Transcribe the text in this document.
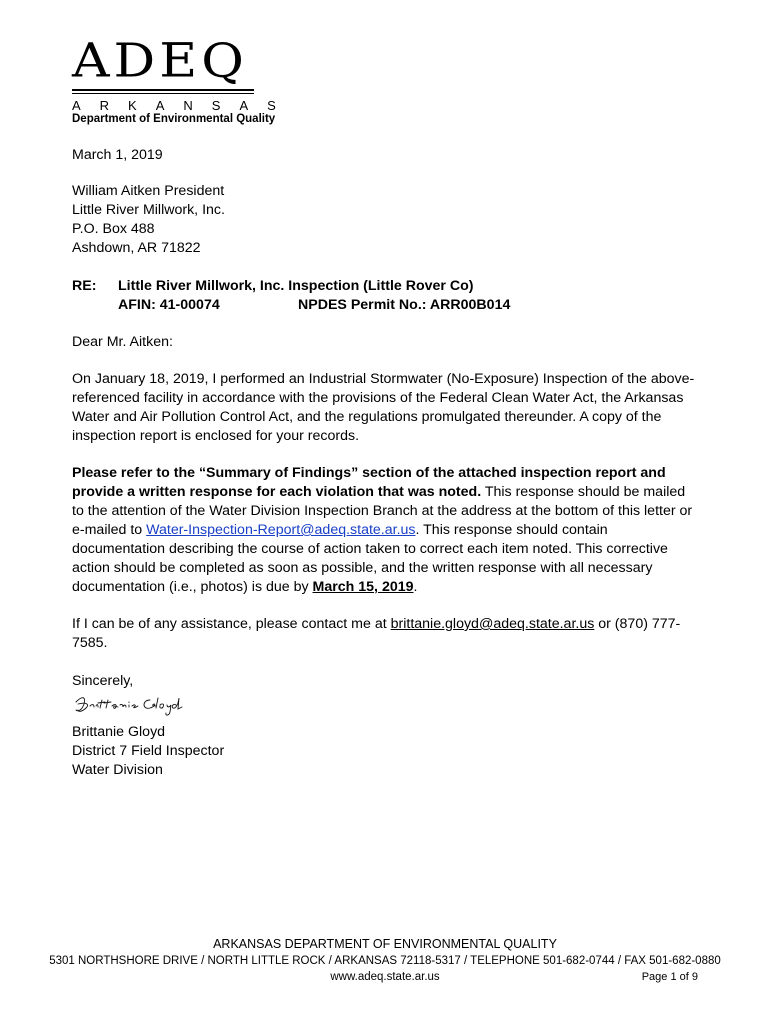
ADEQ
ARKANSAS
Department of Environmental Quality
March 1, 2019
William Aitken President
Little River Millwork, Inc.
P.O. Box 488
Ashdown, AR 71822
RE: Little River Millwork, Inc. Inspection (Little Rover Co)
AFIN: 41-00074	NPDES Permit No.: ARR00B014
Dear Mr. Aitken:

On January 18, 2019, I performed an Industrial Stormwater (No-Exposure) Inspection of the above-referenced facility in accordance with the provisions of the Federal Clean Water Act, the Arkansas Water and Air Pollution Control Act, and the regulations promulgated thereunder. A copy of the inspection report is enclosed for your records.

Please refer to the “Summary of Findings” section of the attached inspection report and provide a written response for each violation that was noted. This response should be mailed to the attention of the Water Division Inspection Branch at the address at the bottom of this letter or e-mailed to Water-Inspection-Report@adeq.state.ar.us. This response should contain documentation describing the course of action taken to correct each item noted. This corrective action should be completed as soon as possible, and the written response with all necessary documentation (i.e., photos) is due by March 15, 2019.

If I can be of any assistance, please contact me at brittanie.gloyd@adeq.state.ar.us or (870) 777-7585.

Sincerely,
Brittanie Gloyd
District 7 Field Inspector
Water Division
ARKANSAS DEPARTMENT OF ENVIRONMENTAL QUALITY
5301 NORTHSHORE DRIVE / NORTH LITTLE ROCK / ARKANSAS 72118-5317 / TELEPHONE 501-682-0744 / FAX 501-682-0880
www.adeq.state.ar.us	Page 1 of 9
